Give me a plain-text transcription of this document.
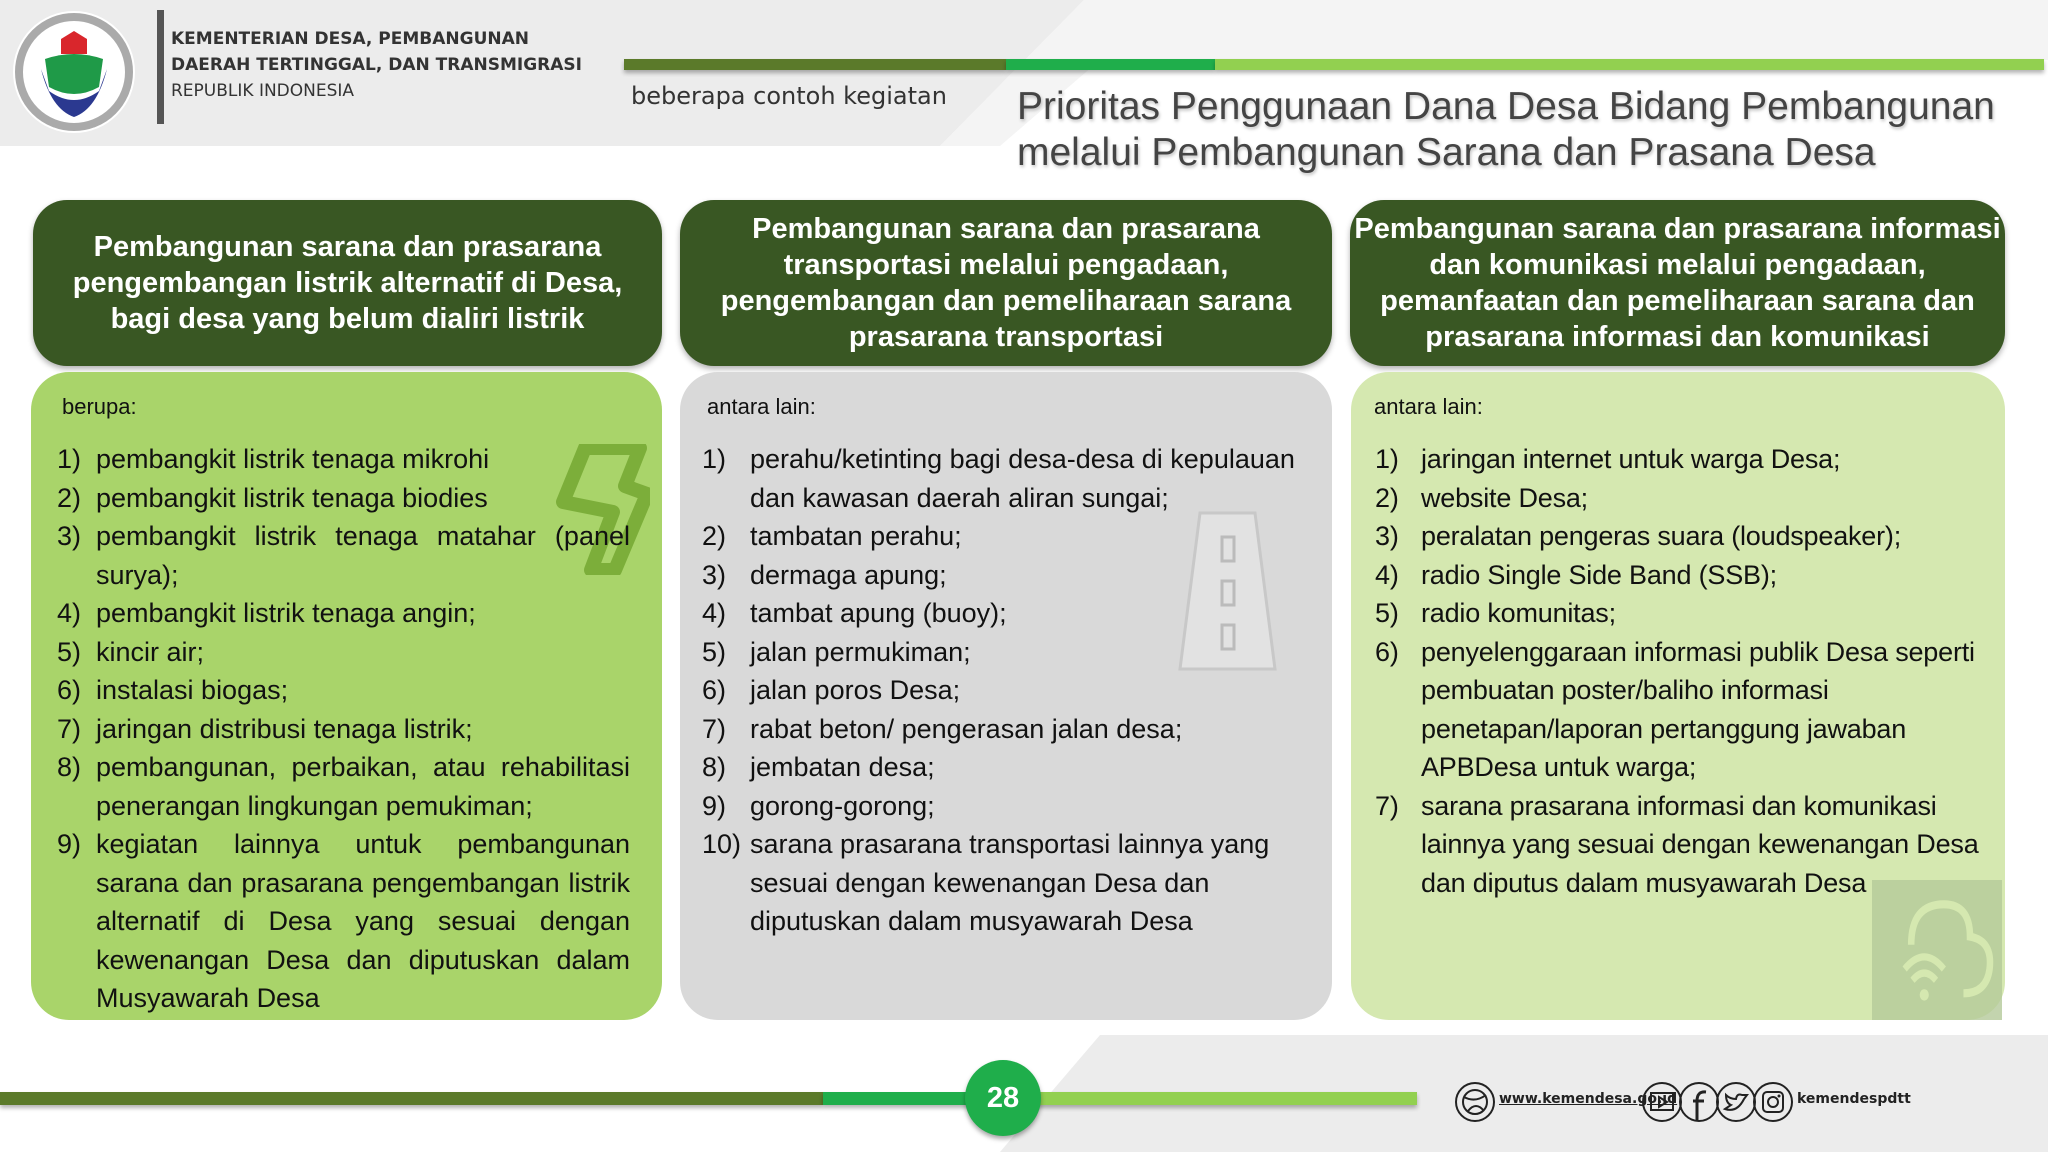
KEMENTERIAN DESA, PEMBANGUNAN
DAERAH TERTINGGAL, DAN TRANSMIGRASI
REPUBLIK INDONESIA	beberapa contoh kegiatan Prioritas Penggunaan Dana Desa Bidang Pembangunan
melalui Pembangunan Sarana dan Prasana Desa
Pembangunan sarana dan prasarana pengembangan listrik alternatif di Desa, bagi desa yang belum dialiri listrik
Pembangunan sarana dan prasarana transportasi melalui pengadaan, pengembangan dan pemeliharaan sarana prasarana transportasi
Pembangunan sarana dan prasarana informasi dan komunikasi melalui pengadaan, pemanfaatan dan pemeliharaan sarana dan prasarana informasi dan komunikasi
berupa:
1) pembangkit listrik tenaga mikrohi
2) pembangkit listrik tenaga biodies
3) pembangkit listrik tenaga matahar (panel surya);
4) pembangkit listrik tenaga angin;
5) kincir air;
6) instalasi biogas;
7) jaringan distribusi tenaga listrik;
8) pembangunan, perbaikan, atau rehabilitasi penerangan lingkungan pemukiman;
9) kegiatan lainnya untuk pembangunan sarana dan prasarana pengembangan listrik alternatif di Desa yang sesuai dengan kewenangan Desa dan diputuskan dalam Musyawarah Desa
antara lain:
1) perahu/ketinting bagi desa-desa di kepulauan dan kawasan daerah aliran sungai;
2) tambatan perahu;
3) dermaga apung;
4) tambat apung (buoy);
5) jalan permukiman;
6) jalan poros Desa;
7) rabat beton/ pengerasan jalan desa;
8) jembatan desa;
9) gorong-gorong;
10) sarana prasarana transportasi lainnya yang sesuai dengan kewenangan Desa dan diputuskan dalam musyawarah Desa
antara lain:
1) jaringan internet untuk warga Desa;
2) website Desa;
3) peralatan pengeras suara (loudspeaker);
4) radio Single Side Band (SSB);
5) radio komunitas;
6) penyelenggaraan informasi publik Desa seperti pembuatan poster/baliho informasi penetapan/laporan pertanggung jawaban APBDesa untuk warga;
7) sarana prasarana informasi dan komunikasi lainnya yang sesuai dengan kewenangan Desa dan diputus dalam musyawarah Desa
28	www.kemendesa.go.id	kemendespdtt
